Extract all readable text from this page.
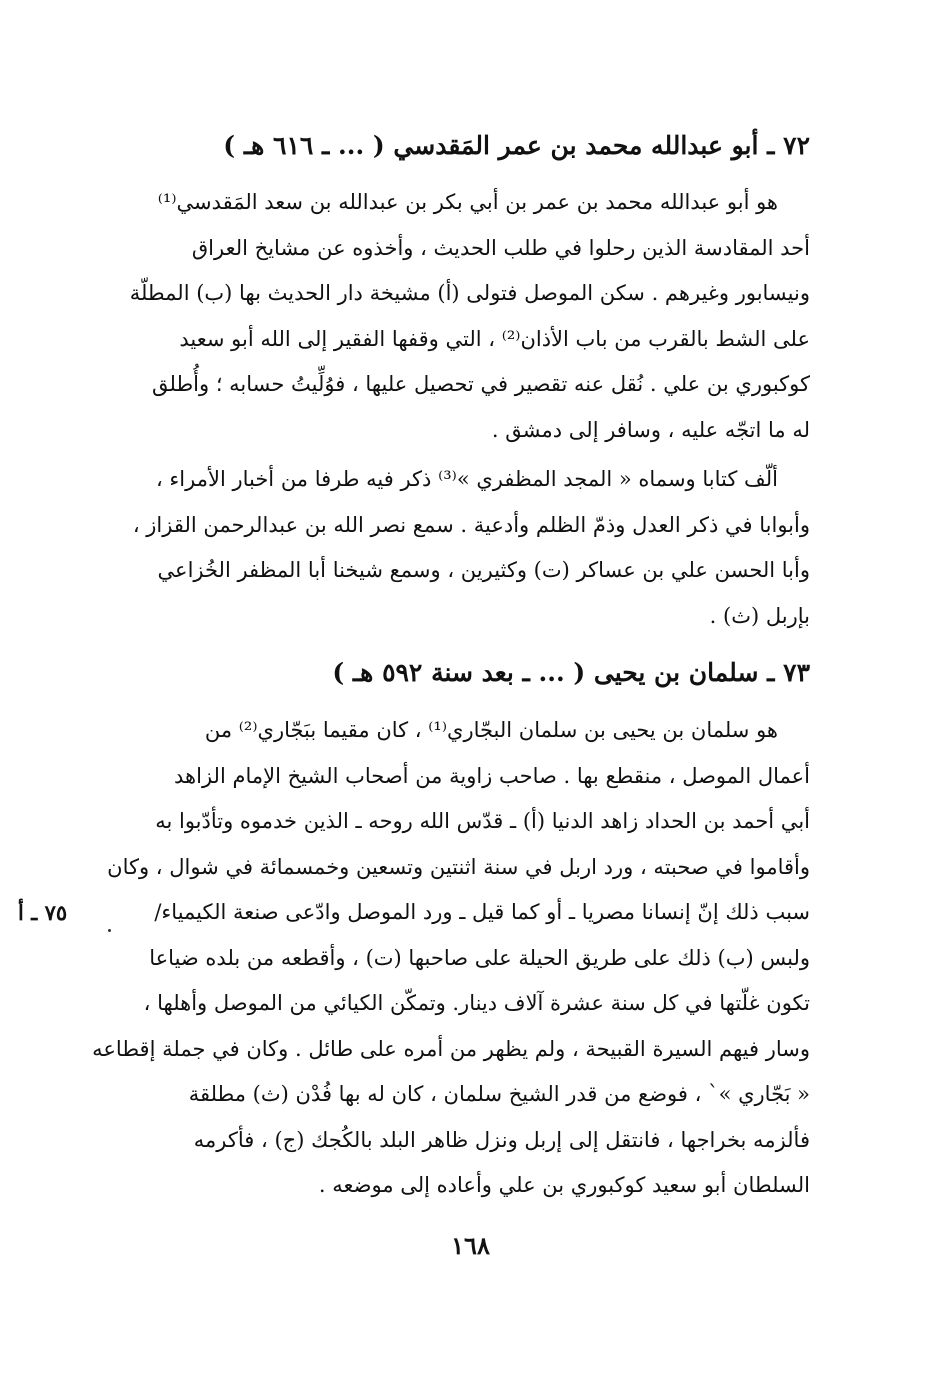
٧٢ ـ أبو عبدالله محمد بن عمر المَقدسي ( ... ـ ٦١٦ هـ )
هو أبو عبدالله محمد بن عمر بن أبي بكر بن عبدالله بن سعد المَقدسي⁽¹⁾
أحد المقادسة الذين رحلوا في طلب الحديث ، وأخذوه عن مشايخ العراق
ونيسابور وغيرهم . سكن الموصل فتولى (أ) مشيخة دار الحديث بها (ب) المطلّة
على الشط بالقرب من باب الأذان⁽²⁾ ، التي وقفها الفقير إلى الله أبو سعيد
كوكبوري بن علي . نُقل عنه تقصير في تحصيل عليها ، فوُلِّيتُ حسابه ؛ وأُطلق
له ما اتجّه عليه ، وسافر إلى دمشق .
ألّف كتابا وسماه « المجد المظفري »⁽³⁾ ذكر فيه طرفا من أخبار الأمراء ،
وأبوابا في ذكر العدل وذمّ الظلم وأدعية . سمع نصر الله بن عبدالرحمن القزاز ،
وأبا الحسن علي بن عساكر (ت) وكثيرين ، وسمع شيخنا أبا المظفر الخُزاعي
بإربل (ث) .
٧٣ ـ سلمان بن يحيى ( ... ـ بعد سنة ٥٩٢ هـ )
هو سلمان بن يحيى بن سلمان البجّاري⁽¹⁾ ، كان مقيما ببَجّاري⁽²⁾ من
أعمال الموصل ، منقطع بها . صاحب زاوية من أصحاب الشيخ الإمام الزاهد
أبي أحمد بن الحداد زاهد الدنيا (أ) ـ قدّس الله روحه ـ الذين خدموه وتأدّبوا به
وأقاموا في صحبته ، ورد اربل في سنة اثنتين وتسعين وخمسمائة في شوال ، وكان
سبب ذلك إنّ إنسانا مصريا ـ أو كما قيل ـ ورد الموصل وادّعى صنعة الكيمياء/
ولبس (ب) ذلك على طريق الحيلة على صاحبها (ت) ، وأقطعه من بلده ضياعا
تكون غلّتها في كل سنة عشرة آلاف دينار. وتمكّن الكيائي من الموصل وأهلها ،
وسار فيهم السيرة القبيحة ، ولم يظهر من أمره على طائل . وكان في جملة إقطاعه
« بَجّاري »` ، فوضع من قدر الشيخ سلمان ، كان له بها فُدْن (ث) مطلقة
فألزمه بخراجها ، فانتقل إلى إربل ونزل ظاهر البلد بالكُجك (ج) ، فأكرمه
السلطان أبو سعيد كوكبوري بن علي وأعاده إلى موضعه .
٧٥ ـ أ
١٦٨
